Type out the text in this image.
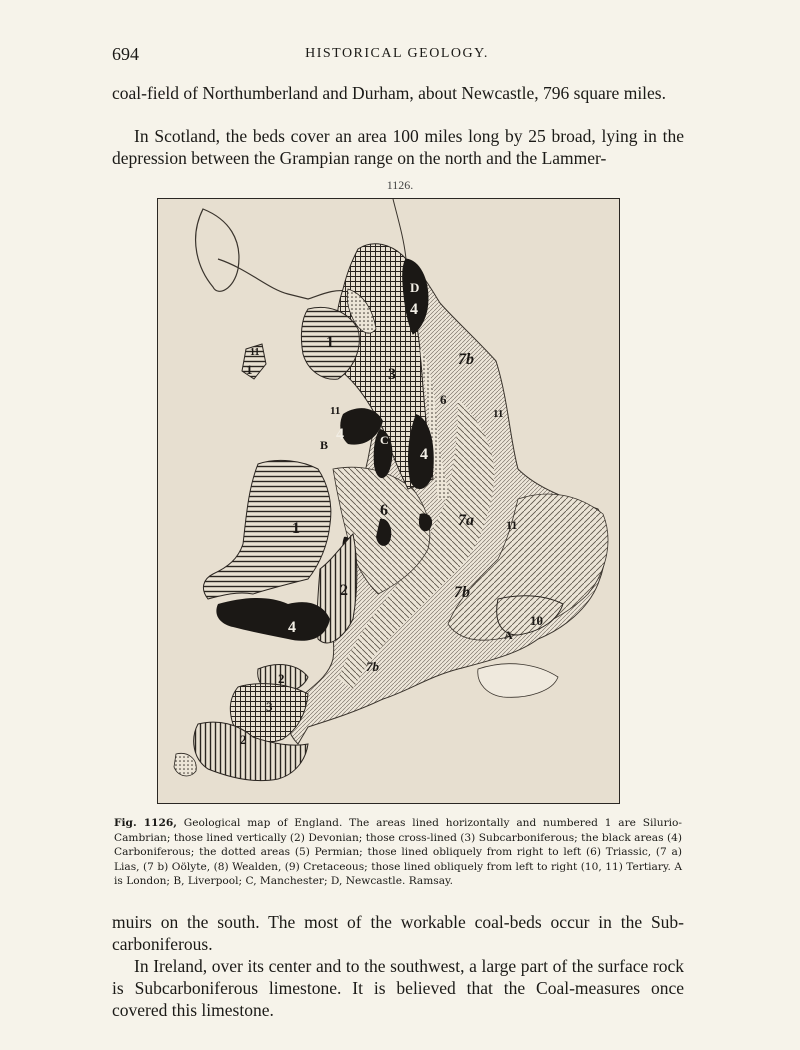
694	HISTORICAL GEOLOGY.

coal-field of Northumberland and Durham, about Newcastle, 796 square miles.

In Scotland, the beds cover an area 100 miles long by 25 broad, lying in the depression between the Grampian range on the north and the Lammer-

1126.
D
4
4
4
C
4
1
3
7b
6
11	11
B
1
6
7a	11
2	7b
10
A
2
3
2
7b
11
1

Fig. 1126, Geological map of England. The areas lined horizontally and numbered 1 are Silurio-Cambrian; those lined vertically (2) Devonian; those cross-lined (3) Subcarboniferous; the black areas (4) Carboniferous; the dotted areas (5) Permian; those lined obliquely from right to left (6) Triassic, (7 a) Lias, (7 b) Oölyte, (8) Wealden, (9) Cretaceous; those lined obliquely from left to right (10, 11) Tertiary. A is London; B, Liverpool; C, Manchester; D, Newcastle. Ramsay.

muirs on the south. The most of the workable coal-beds occur in the Sub-carboniferous.

In Ireland, over its center and to the southwest, a large part of the surface rock is Subcarboniferous limestone. It is believed that the Coal-measures once covered this limestone.
